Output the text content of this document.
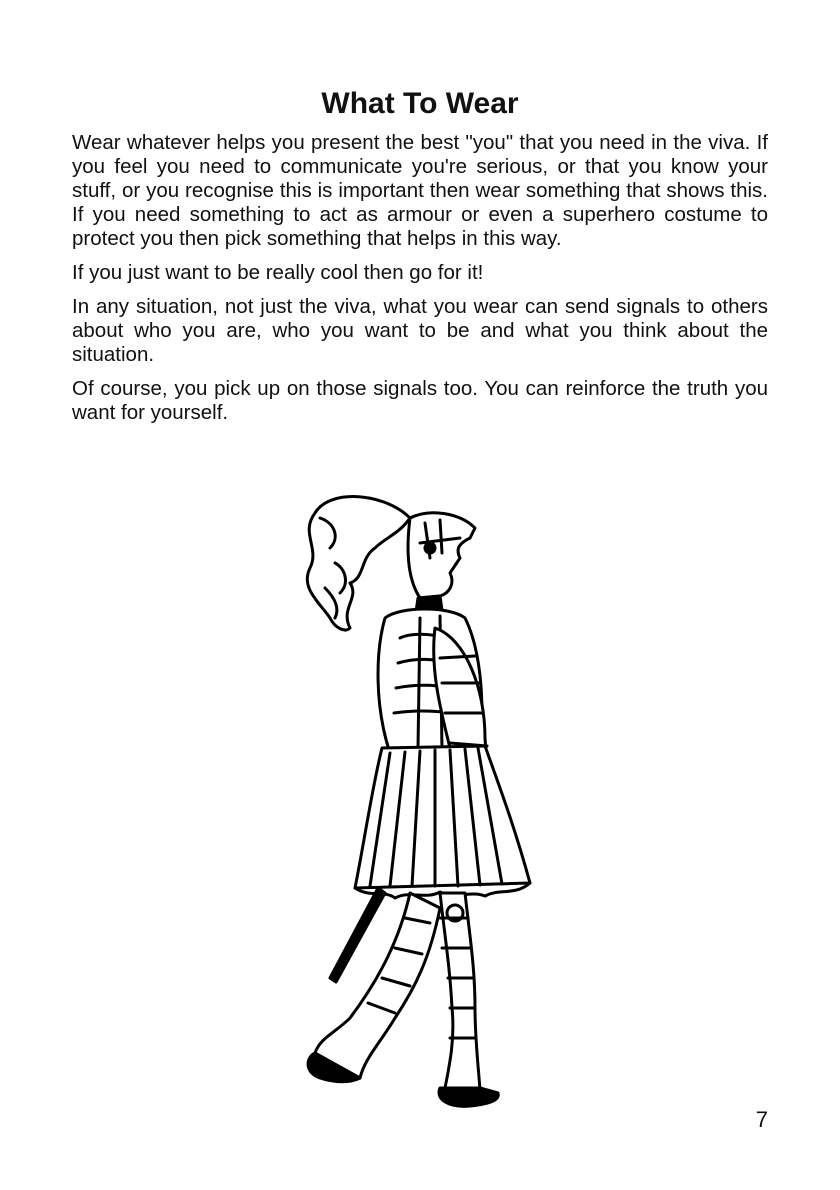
What To Wear

Wear whatever helps you present the best "you" that you need in the viva. If you feel you need to communicate you're serious, or that you know your stuff, or you recognise this is important then wear something that shows this. If you need something to act as armour or even a superhero costume to protect you then pick something that helps in this way.

If you just want to be really cool then go for it!

In any situation, not just the viva, what you wear can send signals to others about who you are, who you want to be and what you think about the situation.

Of course, you pick up on those signals too. You can reinforce the truth you want for yourself.

7
